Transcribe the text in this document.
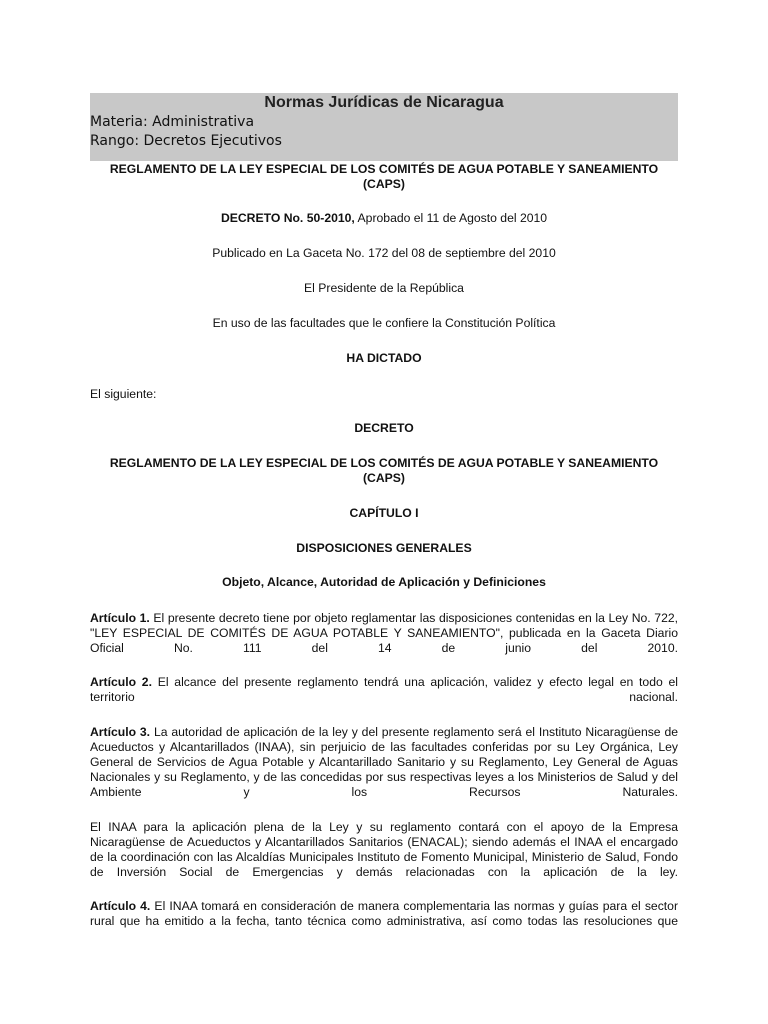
Normas Jurídicas de Nicaragua
Materia: Administrativa
Rango: Decretos Ejecutivos
REGLAMENTO DE LA LEY ESPECIAL DE LOS COMITÉS DE AGUA POTABLE Y SANEAMIENTO
(CAPS)
DECRETO No. 50-2010, Aprobado el 11 de Agosto del 2010
Publicado en La Gaceta No. 172 del 08 de septiembre del 2010
El Presidente de la República
En uso de las facultades que le confiere la Constitución Política
HA DICTADO
El siguiente:
DECRETO
REGLAMENTO DE LA LEY ESPECIAL DE LOS COMITÉS DE AGUA POTABLE Y SANEAMIENTO
(CAPS)
CAPÍTULO I
DISPOSICIONES GENERALES
Objeto, Alcance, Autoridad de Aplicación y Definiciones
Artículo 1. El presente decreto tiene por objeto reglamentar las disposiciones contenidas en la Ley No. 722, "LEY ESPECIAL DE COMITÉS DE AGUA POTABLE Y SANEAMIENTO", publicada en la Gaceta Diario Oficial No. 111 del 14 de junio del 2010.
Artículo 2. El alcance del presente reglamento tendrá una aplicación, validez y efecto legal en todo el territorio nacional.
Artículo 3. La autoridad de aplicación de la ley y del presente reglamento será el Instituto Nicaragüense de Acueductos y Alcantarillados (INAA), sin perjuicio de las facultades conferidas por su Ley Orgánica, Ley General de Servicios de Agua Potable y Alcantarillado Sanitario y su Reglamento, Ley General de Aguas Nacionales y su Reglamento, y de las concedidas por sus respectivas leyes a los Ministerios de Salud y del Ambiente y los Recursos Naturales.
El INAA para la aplicación plena de la Ley y su reglamento contará con el apoyo de la Empresa Nicaragüense de Acueductos y Alcantarillados Sanitarios (ENACAL); siendo además el INAA el encargado de la coordinación con las Alcaldías Municipales Instituto de Fomento Municipal, Ministerio de Salud, Fondo de Inversión Social de Emergencias y demás relacionadas con la aplicación de la ley.
Artículo 4. El INAA tomará en consideración de manera complementaria las normas y guías para el sector rural que ha emitido a la fecha, tanto técnica como administrativa, así como todas las resoluciones que
